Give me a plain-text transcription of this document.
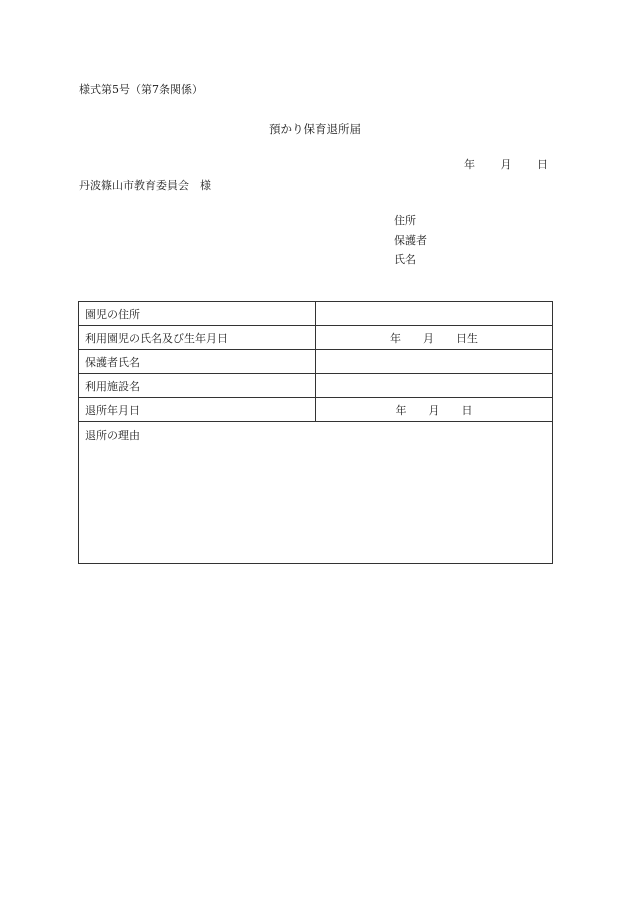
様式第5号（第7条関係）
預かり保育退所届
年 月 日
丹波篠山市教育委員会　様
住所
保護者
氏名
園児の住所	
利用園児の氏名及び生年月日	年　　月　　日生
保護者氏名	
利用施設名	
退所年月日	年　　月　　日
退所の理由	
